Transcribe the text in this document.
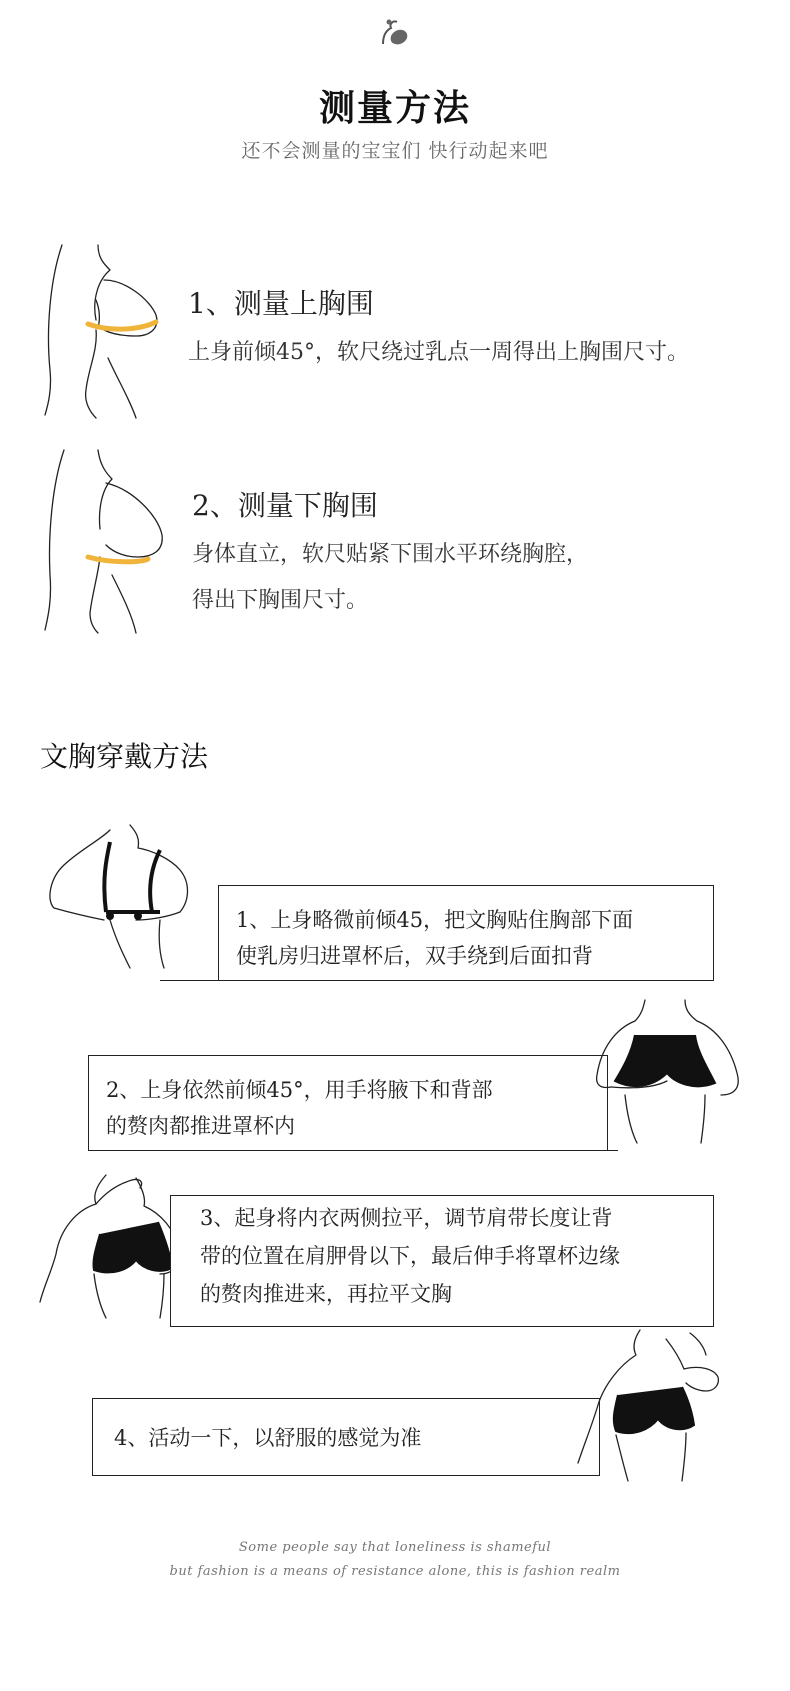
测量方法
还不会测量的宝宝们 快行动起来吧
1、测量上胸围
上身前倾45°，软尺绕过乳点一周得出上胸围尺寸。
2、测量下胸围
身体直立，软尺贴紧下围水平环绕胸腔，
得出下胸围尺寸。
文胸穿戴方法
1、上身略微前倾45，把文胸贴住胸部下面
使乳房归进罩杯后，双手绕到后面扣背
2、上身依然前倾45°，用手将腋下和背部
的赘肉都推进罩杯内
3、起身将内衣两侧拉平，调节肩带长度让背
带的位置在肩胛骨以下，最后伸手将罩杯边缘
的赘肉推进来，再拉平文胸
4、活动一下，以舒服的感觉为准
Some people say that loneliness is shameful
but fashion is a means of resistance alone, this is fashion realm
